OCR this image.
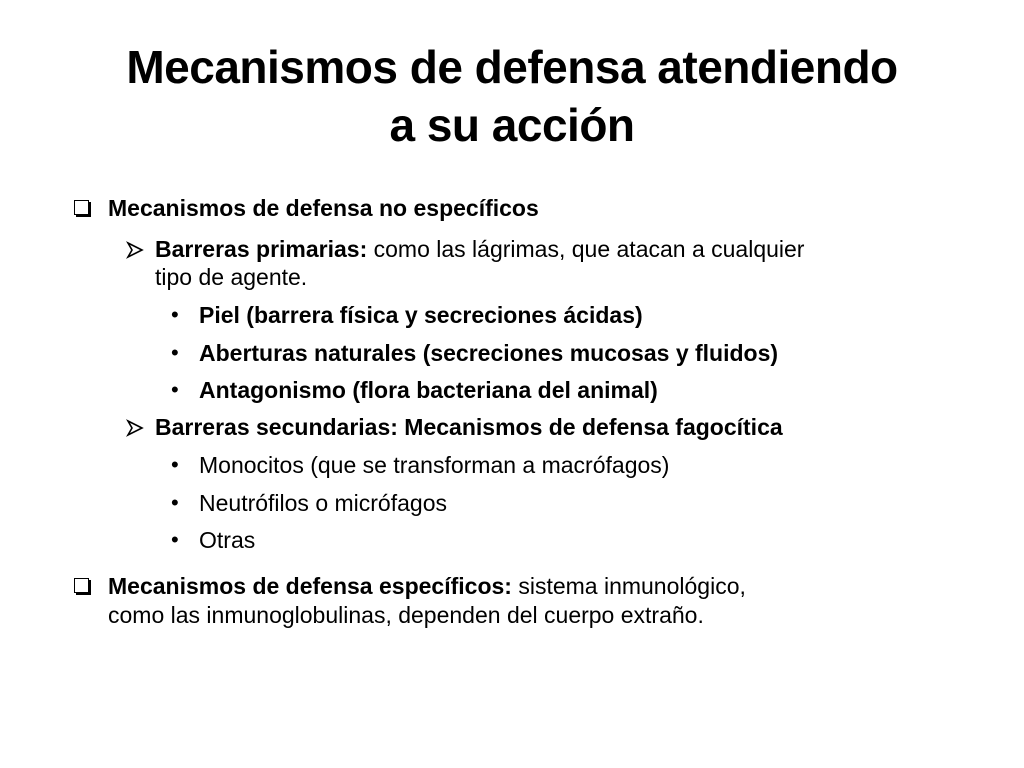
Mecanismos de defensa atendiendo
a su acción
Mecanismos de defensa no específicos
Barreras primarias: como las lágrimas, que atacan a cualquier
tipo de agente.
• Piel (barrera física y secreciones ácidas)
• Aberturas naturales (secreciones mucosas y fluidos)
• Antagonismo (flora bacteriana del animal)
Barreras secundarias: Mecanismos de defensa fagocítica
• Monocitos (que se transforman a macrófagos)
• Neutrófilos o micrófagos
• Otras
Mecanismos de defensa específicos: sistema inmunológico,
como las inmunoglobulinas, dependen del cuerpo extraño.
